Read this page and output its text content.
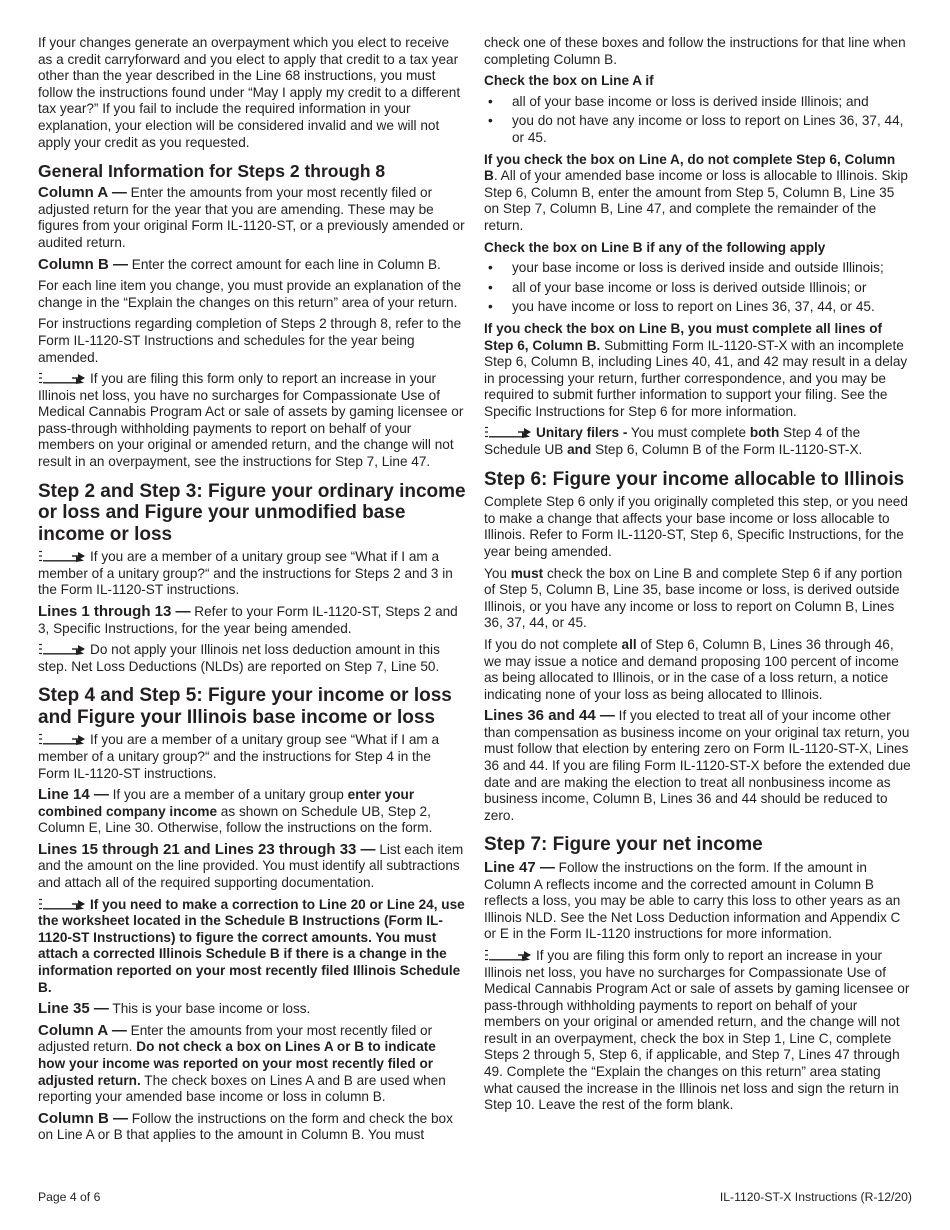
If your changes generate an overpayment which you elect to receive as a credit carryforward and you elect to apply that credit to a tax year other than the year described in the Line 68 instructions, you must follow the instructions found under “May I apply my credit to a different tax year?” If you fail to include the required information in your explanation, your election will be considered invalid and we will not apply your credit as you requested.

General Information for Steps 2 through 8

Column A — Enter the amounts from your most recently filed or adjusted return for the year that you are amending. These may be figures from your original Form IL-1120-ST, or a previously amended or audited return.

Column B — Enter the correct amount for each line in Column B.

For each line item you change, you must provide an explanation of the change in the “Explain the changes on this return” area of your return.

For instructions regarding completion of Steps 2 through 8, refer to the Form IL-1120-ST Instructions and schedules for the year being amended.

If you are filing this form only to report an increase in your Illinois net loss, you have no surcharges for Compassionate Use of Medical Cannabis Program Act or sale of assets by gaming licensee or pass-through withholding payments to report on behalf of your members on your original or amended return, and the change will not result in an overpayment, see the instructions for Step 7, Line 47.

Step 2 and Step 3: Figure your ordinary income or loss and Figure your unmodified base income or loss

If you are a member of a unitary group see “What if I am a member of a unitary group?“ and the instructions for Steps 2 and 3 in the Form IL-1120-ST instructions.

Lines 1 through 13 — Refer to your Form IL-1120-ST, Steps 2 and 3, Specific Instructions, for the year being amended.

Do not apply your Illinois net loss deduction amount in this step. Net Loss Deductions (NLDs) are reported on Step 7, Line 50.

Step 4 and Step 5: Figure your income or loss and Figure your Illinois base income or loss

If you are a member of a unitary group see “What if I am a member of a unitary group?“ and the instructions for Step 4 in the Form IL-1120-ST instructions.

Line 14 — If you are a member of a unitary group enter your combined company income as shown on Schedule UB, Step 2, Column E, Line 30. Otherwise, follow the instructions on the form.

Lines 15 through 21 and Lines 23 through 33 — List each item and the amount on the line provided. You must identify all subtractions and attach all of the required supporting documentation.

If you need to make a correction to Line 20 or Line 24, use the worksheet located in the Schedule B Instructions (Form IL-1120-ST Instructions) to figure the correct amounts. You must attach a corrected Illinois Schedule B if there is a change in the information reported on your most recently filed Illinois Schedule B.

Line 35 — This is your base income or loss.

Column A — Enter the amounts from your most recently filed or adjusted return. Do not check a box on Lines A or B to indicate how your income was reported on your most recently filed or adjusted return. The check boxes on Lines A and B are used when reporting your amended base income or loss in column B.

Column B — Follow the instructions on the form and check the box on Line A or B that applies to the amount in Column B. You must

check one of these boxes and follow the instructions for that line when completing Column B.

Check the box on Line A if

• all of your base income or loss is derived inside Illinois; and
• you do not have any income or loss to report on Lines 36, 37, 44, or 45.

If you check the box on Line A, do not complete Step 6, Column B. All of your amended base income or loss is allocable to Illinois. Skip Step 6, Column B, enter the amount from Step 5, Column B, Line 35 on Step 7, Column B, Line 47, and complete the remainder of the return.

Check the box on Line B if any of the following apply

• your base income or loss is derived inside and outside Illinois;
• all of your base income or loss is derived outside Illinois; or
• you have income or loss to report on Lines 36, 37, 44, or 45.

If you check the box on Line B, you must complete all lines of Step 6, Column B. Submitting Form IL-1120-ST-X with an incomplete Step 6, Column B, including Lines 40, 41, and 42 may result in a delay in processing your return, further correspondence, and you may be required to submit further information to support your filing. See the Specific Instructions for Step 6 for more information.

Unitary filers - You must complete both Step 4 of the Schedule UB and Step 6, Column B of the Form IL-1120-ST-X.

Step 6: Figure your income allocable to Illinois

Complete Step 6 only if you originally completed this step, or you need to make a change that affects your base income or loss allocable to Illinois. Refer to Form IL-1120-ST, Step 6, Specific Instructions, for the year being amended.

You must check the box on Line B and complete Step 6 if any portion of Step 5, Column B, Line 35, base income or loss, is derived outside Illinois, or you have any income or loss to report on Column B, Lines 36, 37, 44, or 45.

If you do not complete all of Step 6, Column B, Lines 36 through 46, we may issue a notice and demand proposing 100 percent of income as being allocated to Illinois, or in the case of a loss return, a notice indicating none of your loss as being allocated to Illinois.

Lines 36 and 44 — If you elected to treat all of your income other than compensation as business income on your original tax return, you must follow that election by entering zero on Form IL-1120-ST-X, Lines 36 and 44. If you are filing Form IL-1120-ST-X before the extended due date and are making the election to treat all nonbusiness income as business income, Column B, Lines 36 and 44 should be reduced to zero.

Step 7: Figure your net income

Line 47 — Follow the instructions on the form. If the amount in Column A reflects income and the corrected amount in Column B reflects a loss, you may be able to carry this loss to other years as an Illinois NLD. See the Net Loss Deduction information and Appendix C or E in the Form IL-1120 instructions for more information.

If you are filing this form only to report an increase in your Illinois net loss, you have no surcharges for Compassionate Use of Medical Cannabis Program Act or sale of assets by gaming licensee or pass-through withholding payments to report on behalf of your members on your original or amended return, and the change will not result in an overpayment, check the box in Step 1, Line C, complete Steps 2 through 5, Step 6, if applicable, and Step 7, Lines 47 through 49. Complete the “Explain the changes on this return” area stating what caused the increase in the Illinois net loss and sign the return in Step 10. Leave the rest of the form blank.

Page 4 of 6	IL-1120-ST-X Instructions (R-12/20)
